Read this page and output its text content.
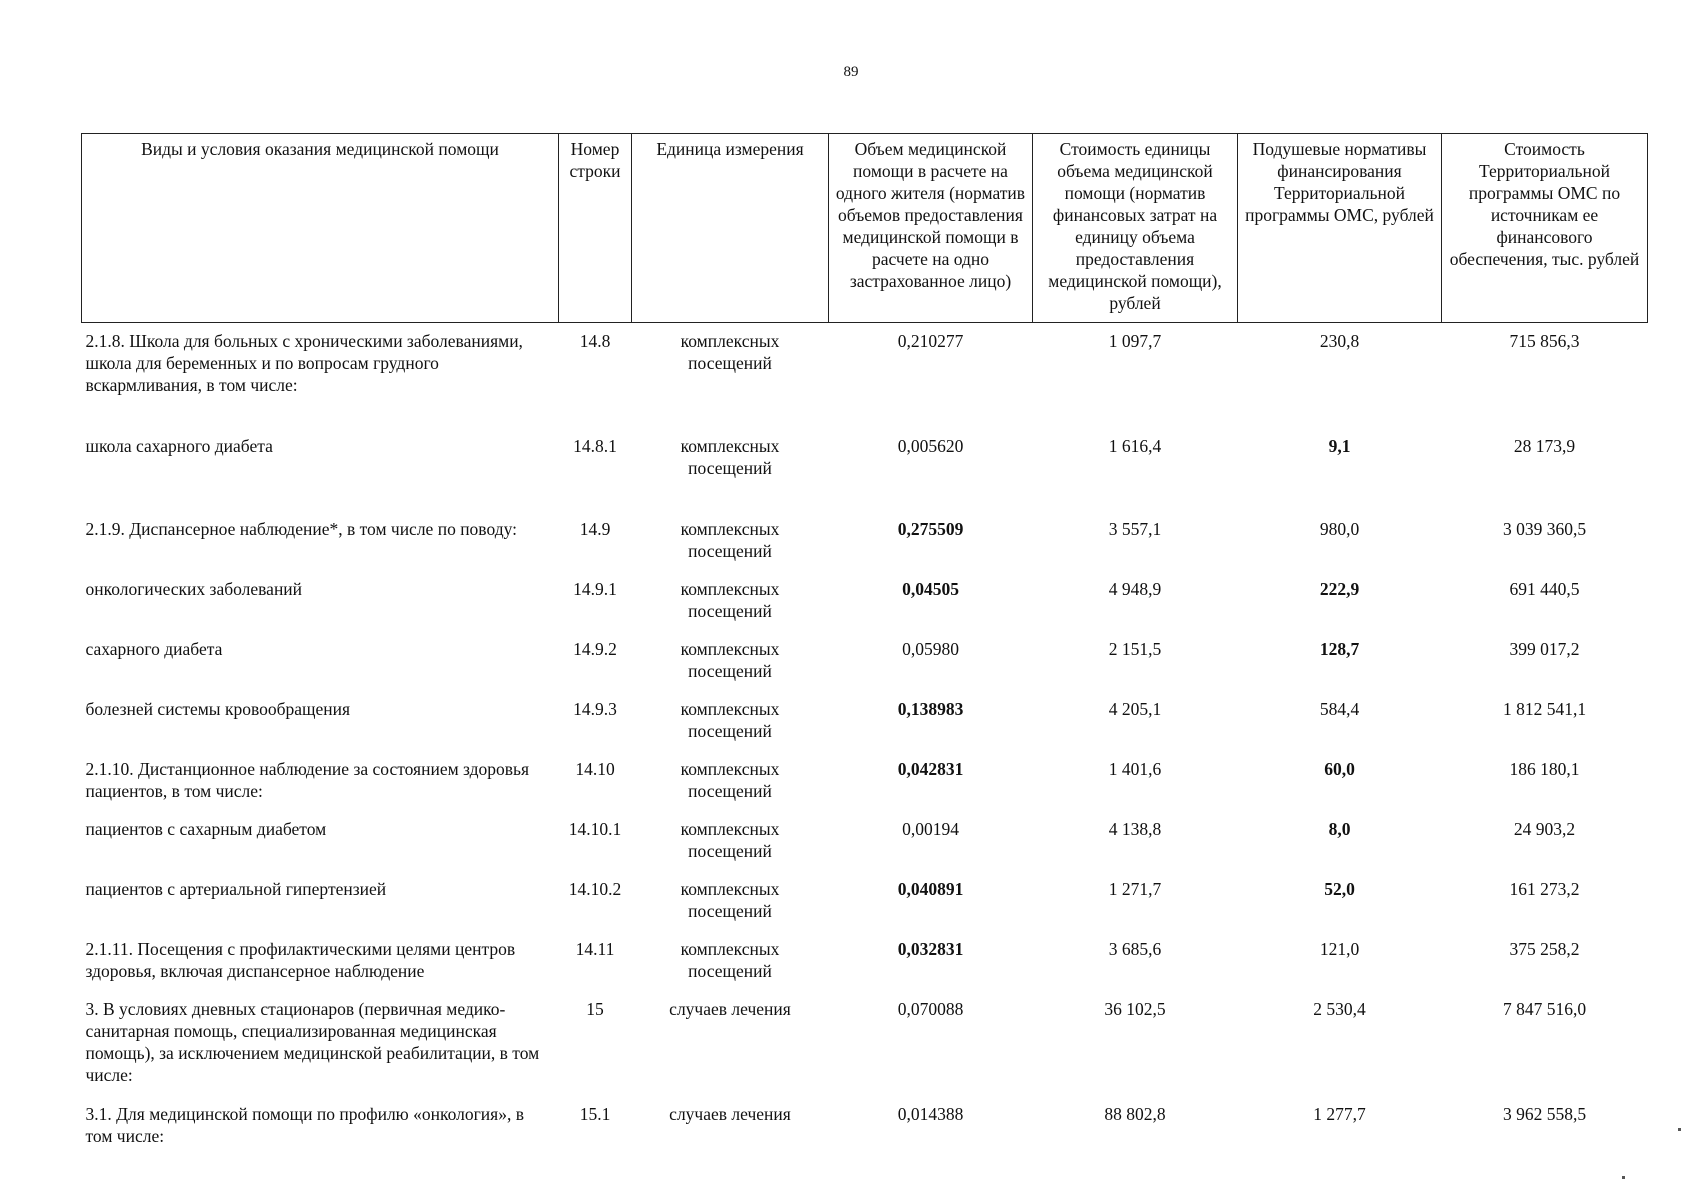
89
Виды и условия оказания медицинской помощи	Номер строки	Единица измерения	Объем медицинской помощи в расчете на одного жителя (норматив объемов предоставления медицинской помощи в расчете на одно застрахованное лицо)	Стоимость единицы объема медицинской помощи (норматив финансовых затрат на единицу объема предоставления медицинской помощи), рублей	Подушевые нормативы финансирования Территориальной программы ОМС, рублей	Стоимость Территориальной программы ОМС по источникам ее финансового обеспечения, тыс. рублей
2.1.8. Школа для больных с хроническими заболеваниями, школа для беременных и по вопросам грудного вскармливания, в том числе:	14.8	комплексных посещений	0,210277	1 097,7	230,8	715 856,3
школа сахарного диабета	14.8.1	комплексных посещений	0,005620	1 616,4	9,1	28 173,9
2.1.9. Диспансерное наблюдение*, в том числе по поводу:	14.9	комплексных посещений	0,275509	3 557,1	980,0	3 039 360,5
онкологических заболеваний	14.9.1	комплексных посещений	0,04505	4 948,9	222,9	691 440,5
сахарного диабета	14.9.2	комплексных посещений	0,05980	2 151,5	128,7	399 017,2
болезней системы кровообращения	14.9.3	комплексных посещений	0,138983	4 205,1	584,4	1 812 541,1
2.1.10. Дистанционное наблюдение за состоянием здоровья пациентов, в том числе:	14.10	комплексных посещений	0,042831	1 401,6	60,0	186 180,1
пациентов с сахарным диабетом	14.10.1	комплексных посещений	0,00194	4 138,8	8,0	24 903,2
пациентов с артериальной гипертензией	14.10.2	комплексных посещений	0,040891	1 271,7	52,0	161 273,2
2.1.11. Посещения с профилактическими целями центров здоровья, включая диспансерное наблюдение	14.11	комплексных посещений	0,032831	3 685,6	121,0	375 258,2
3. В условиях дневных стационаров (первичная медико-санитарная помощь, специализированная медицинская помощь), за исключением медицинской реабилитации, в том числе:	15	случаев лечения	0,070088	36 102,5	2 530,4	7 847 516,0
3.1. Для медицинской помощи по профилю «онкология», в том числе:	15.1	случаев лечения	0,014388	88 802,8	1 277,7	3 962 558,5
